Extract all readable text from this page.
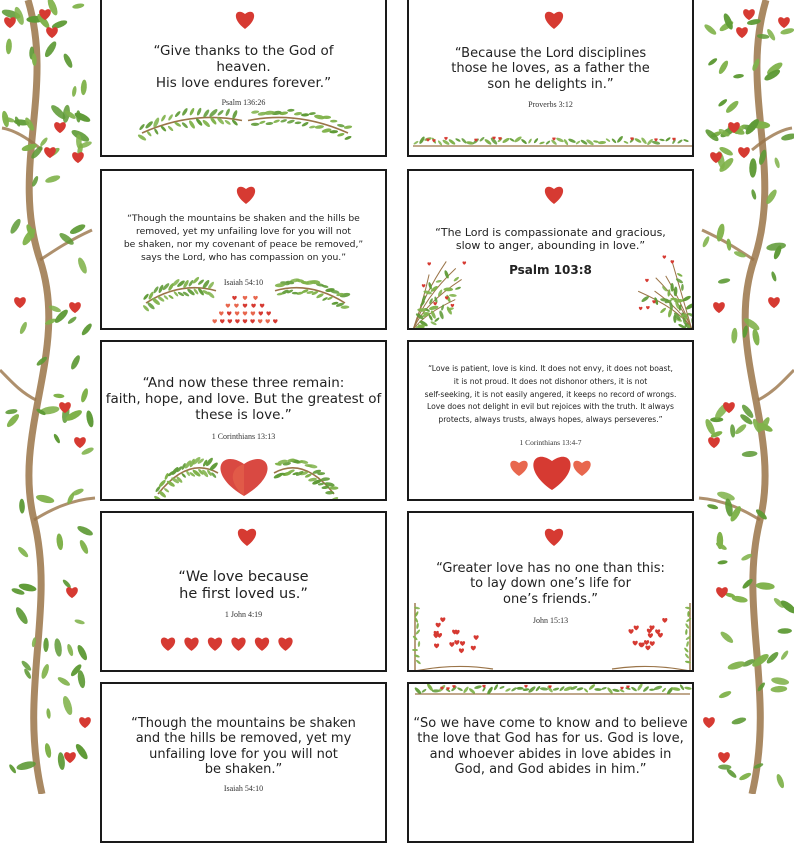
“Give thanks to the God of
heaven.
His love endures forever.”
Psalm 136:26
“Because the Lord disciplines
those he loves, as a father the
son he delights in.”
Proverbs 3:12
“Though the mountains be shaken and the hills be
removed, yet my unfailing love for you will not
be shaken, nor my covenant of peace be removed,”
says the Lord, who has compassion on you.”
Isaiah 54:10
“The Lord is compassionate and gracious,
slow to anger, abounding in love.”
Psalm 103:8
“And now these three remain:
faith, hope, and love. But the greatest of
these is love.”
1 Corinthians 13:13
“Love is patient, love is kind. It does not envy, it does not boast,
it is not proud. It does not dishonor others, it is not
self-seeking, it is not easily angered, it keeps no record of wrongs.
Love does not delight in evil but rejoices with the truth. It always
protects, always trusts, always hopes, always perseveres.”
1 Corinthians 13:4-7
“We love because
he first loved us.”
1 John 4:19
“Greater love has no one than this:
to lay down one’s life for
one’s friends.”
John 15:13
“Though the mountains be shaken
and the hills be removed, yet my
unfailing love for you will not
be shaken.”
Isaiah 54:10
“So we have come to know and to believe
the love that God has for us. God is love,
and whoever abides in love abides in
God, and God abides in him.”
